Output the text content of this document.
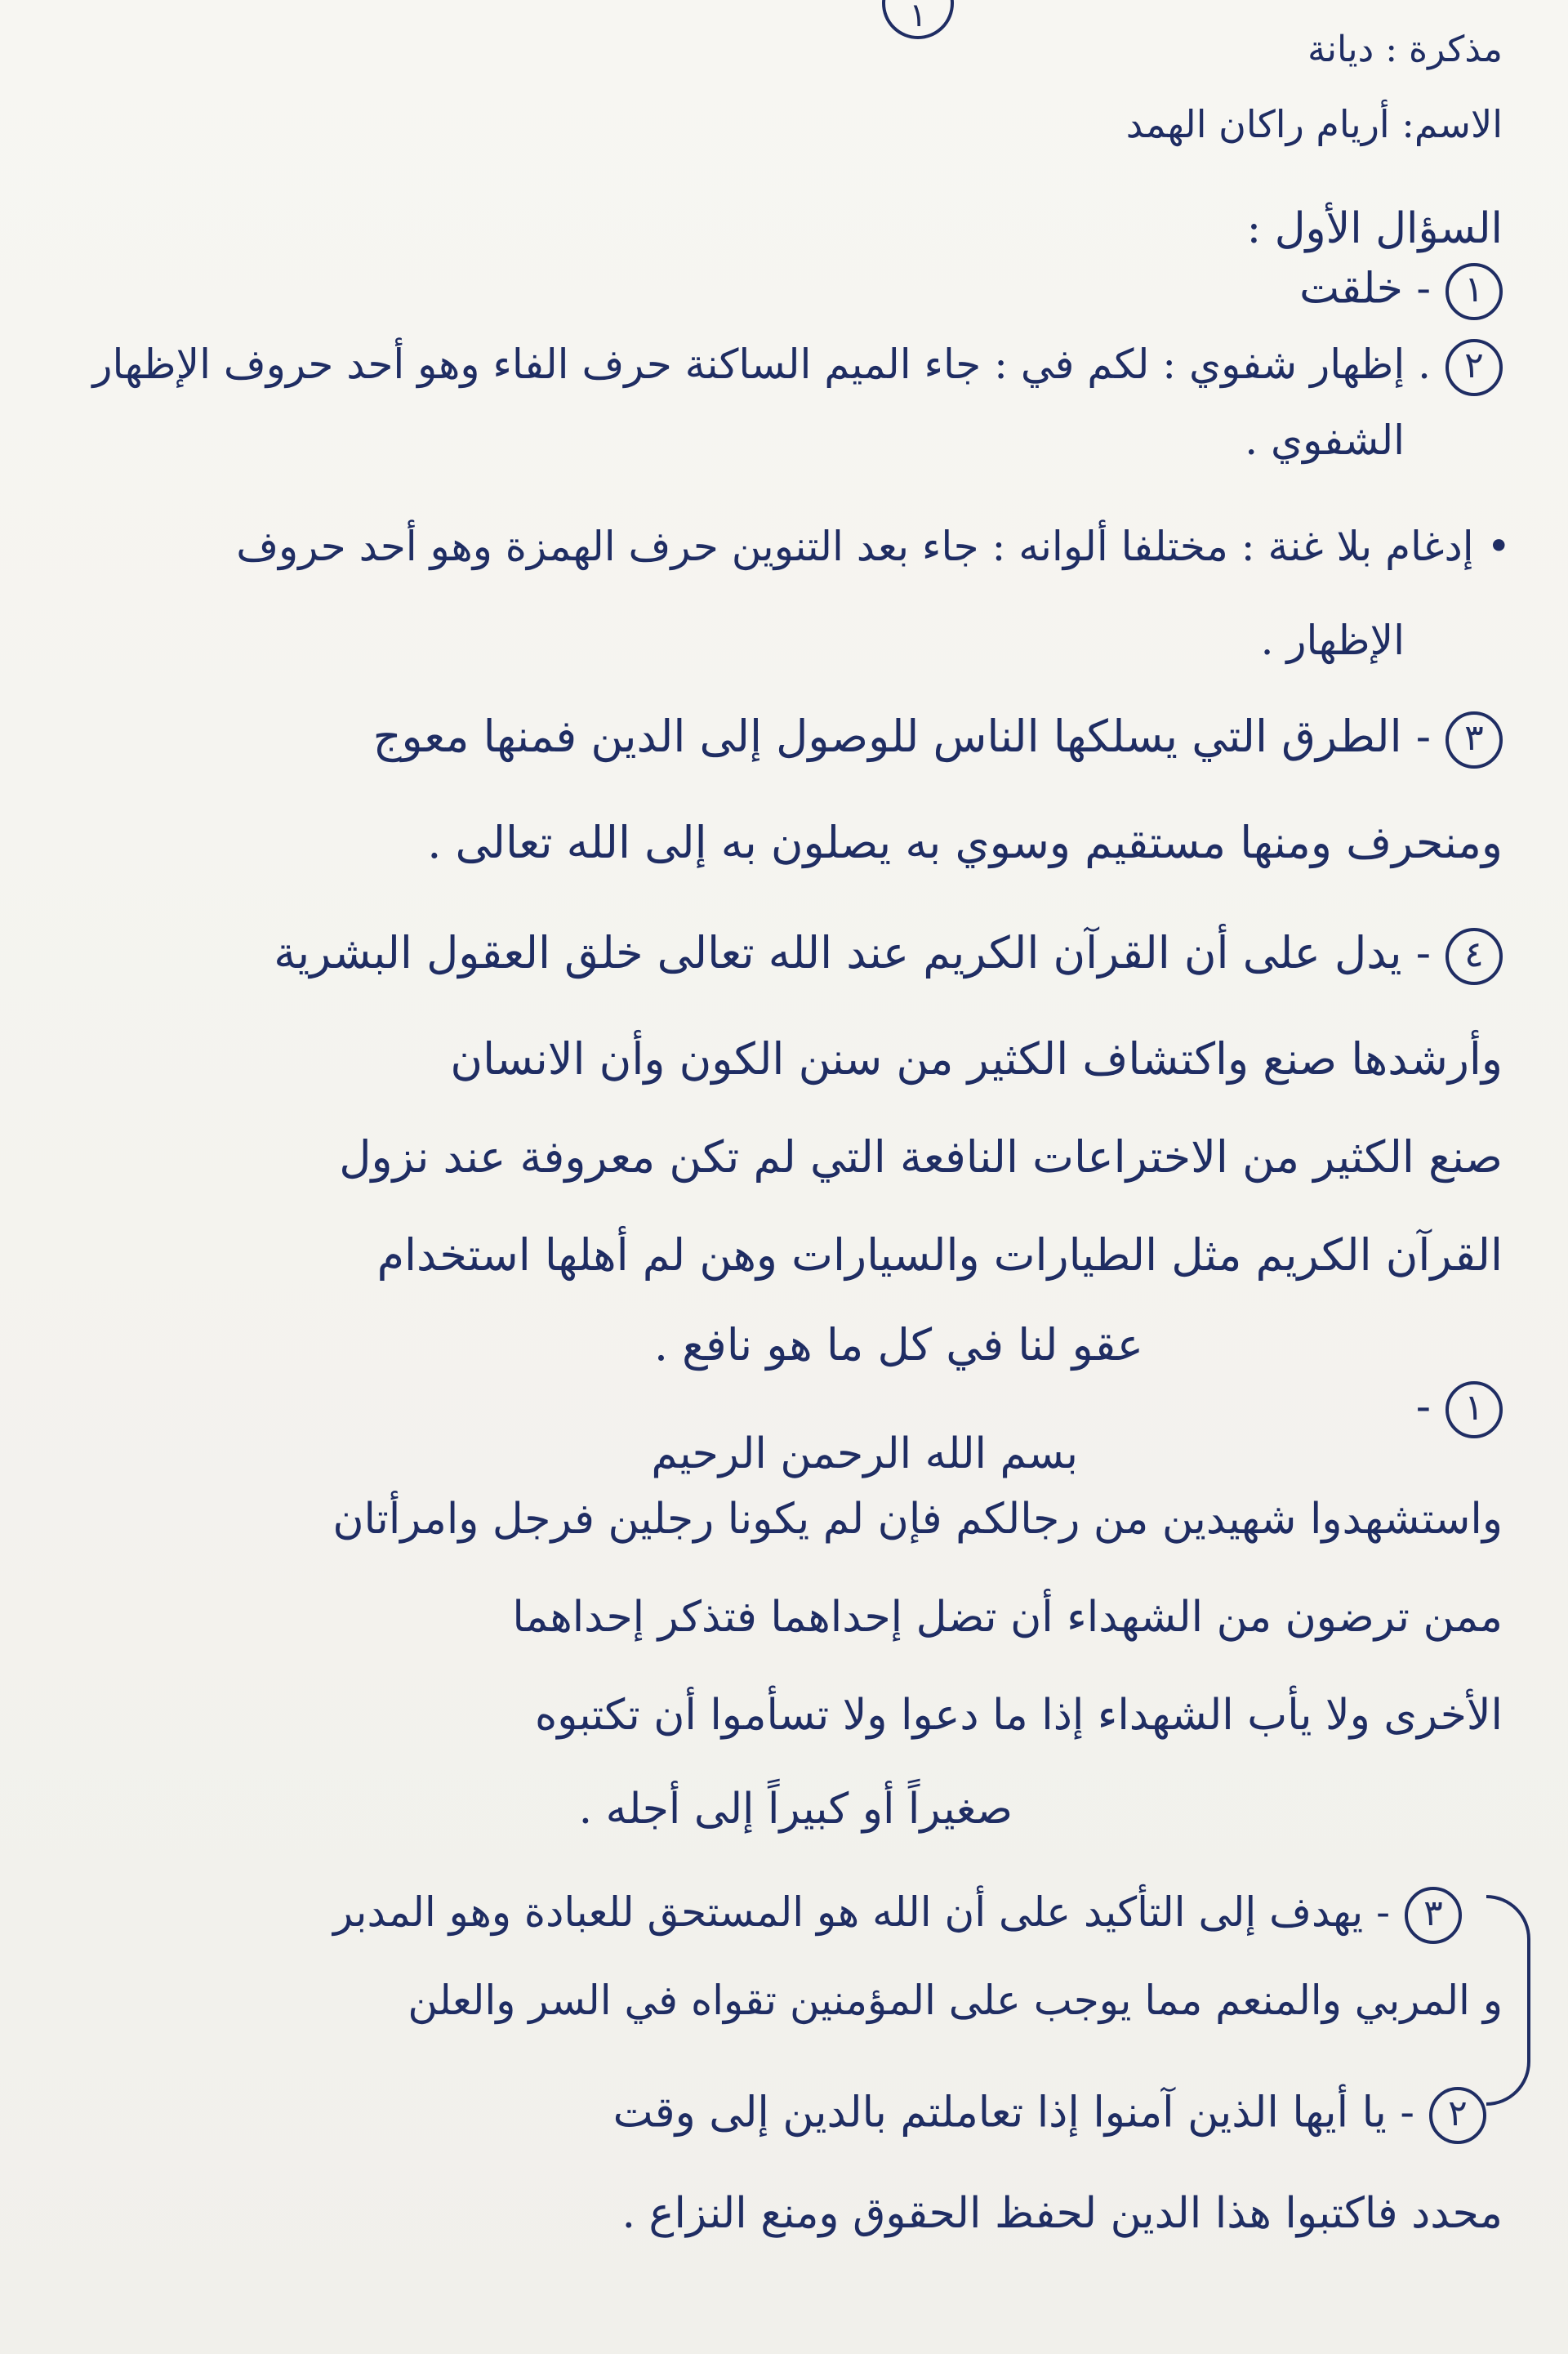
١
مذكرة : ديانة
الاسم: أريام راكان الهمد
السؤال الأول :
١- خلقت
٢. إظهار شفوي : لكم في : جاء الميم الساكنة حرف الفاء وهو أحد حروف الإظهار
الشفوي .
• إدغام بلا غنة : مختلفا ألوانه : جاء بعد التنوين حرف الهمزة وهو أحد حروف
الإظهار .
٣- الطرق التي يسلكها الناس للوصول إلى الدين فمنها معوج
ومنحرف ومنها مستقيم وسوي به يصلون به إلى الله تعالى .
٤- يدل على أن القرآن الكريم عند الله تعالى خلق العقول البشرية
وأرشدها صنع واكتشاف الكثير من سنن الكون وأن الانسان
صنع الكثير من الاختراعات النافعة التي لم تكن معروفة عند نزول
القرآن الكريم مثل الطيارات والسيارات وهن لم أهلها استخدام
عقو لنا في كل ما هو نافع .
١-
بسم الله الرحمن الرحيم
واستشهدوا شهيدين من رجالكم فإن لم يكونا رجلين فرجل وامرأتان
ممن ترضون من الشهداء أن تضل إحداهما فتذكر إحداهما
الأخرى ولا يأب الشهداء إذا ما دعوا ولا تسأموا أن تكتبوه
صغيراً أو كبيراً إلى أجله .
٣- يهدف إلى التأكيد على أن الله هو المستحق للعبادة وهو المدبر
و المربي والمنعم مما يوجب على المؤمنين تقواه في السر والعلن
٢- يا أيها الذين آمنوا إذا تعاملتم بالدين إلى وقت
محدد فاكتبوا هذا الدين لحفظ الحقوق ومنع النزاع .
